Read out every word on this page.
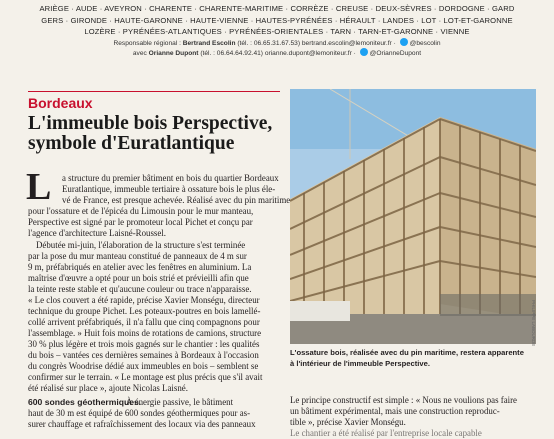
ARIÈGE · AUDE · AVEYRON · CHARENTE · CHARENTE-MARITIME · CORRÈZE · CREUSE · DEUX-SÈVRES · DORDOGNE · GARD
GERS · GIRONDE · HAUTE-GARONNE · HAUTE-VIENNE · HAUTES-PYRÉNÉES · HÉRAULT · LANDES · LOT · LOT-ET-GARONNE
LOZÈRE · PYRÉNÉES-ATLANTIQUES · PYRÉNÉES-ORIENTALES · TARN · TARN-ET-GARONNE · VIENNE
Responsable régional : Bertrand Escolin (tél. : 06.65.31.67.53) bertrand.escolin@lemoniteur.fr · @bescolin
avec Orianne Dupont (tél. : 06.64.64.92.41) orianne.dupont@lemoniteur.fr · @OrianneDupont
Bordeaux
L'immeuble bois Perspective,
symbole d'Euratlantique
L a structure du premier bâtiment en bois du quartier Bordeaux
Euratlantique, immeuble tertiaire à ossature bois le plus éle-
vé de France, est presque achevée. Réalisé avec du pin maritime
pour l'ossature et de l'épicéa du Limousin pour le mur manteau,
Perspective est signé par le promoteur local Pichet et conçu par
l'agence d'architecture Laisné-Roussel.
Débutée mi-juin, l'élaboration de la structure s'est terminée
par la pose du mur manteau constitué de panneaux de 4 m sur
9 m, préfabriqués en atelier avec les fenêtres en aluminium. La
maîtrise d'œuvre a opté pour un bois strié et prévieilli afin que
la teinte reste stable et qu'aucune couleur ou trace n'apparaisse.
« Le clos couvert a été rapide, précise Xavier Monségu, directeur
technique du groupe Pichet. Les poteaux-poutres en bois lamellé-
collé arrivent préfabriqués, il n'a fallu que cinq compagnons pour
l'assemblage. » Huit fois moins de rotations de camions, structure
30 % plus légère et trois mois gagnés sur le chantier : les qualités
du bois – vantées ces dernières semaines à Bordeaux à l'occasion
du congrès Woodrise dédié aux immeubles en bois – semblent se
confirmer sur le terrain. « Le montage est plus précis que s'il avait
été réalisé sur place », ajoute Nicolas Laisné.
600 sondes géothermiques.
À énergie passive, le bâtiment
haut de 30 m est équipé de 600 sondes géothermiques pour as-
surer chauffage et rafraîchissement des locaux via des panneaux
PHILIPPE LABOURDE
L'ossature bois, réalisée avec du pin maritime, restera apparente
à l'intérieur de l'immeuble Perspective.
Le principe constructif est simple : « Nous ne voulions pas faire
un bâtiment expérimental, mais une construction reproduc-
tible », précise Xavier Monségu.
Le chantier a été réalisé par l'entreprise locale capable
